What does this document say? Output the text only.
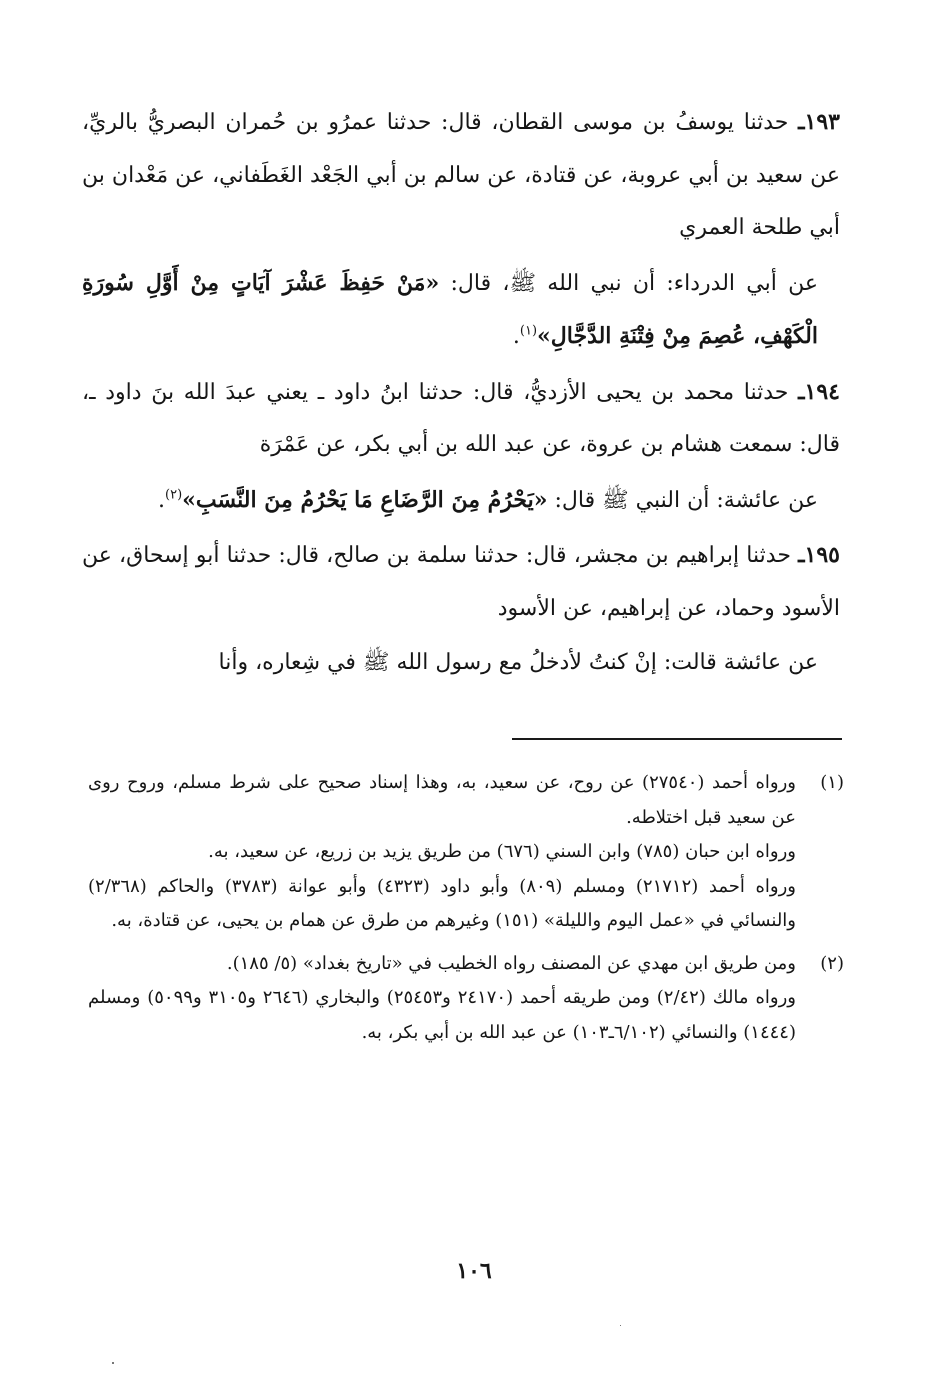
١٩٣ـ حدثنا يوسفُ بن موسى القطان، قال: حدثنا عمرُو بن حُمران البصريُّ بالريِّ، عن سعيد بن أبي عروبة، عن قتادة، عن سالم بن أبي الجَعْد الغَطَفاني، عن مَعْدان بن أبي طلحة العمري

عن أبي الدرداء: أن نبي الله ﷺ، قال: «مَنْ حَفِظَ عَشْرَ آيَاتٍ مِنْ أَوَّلِ سُورَةِ الْكَهْفِ، عُصِمَ مِنْ فِتْنَةِ الدَّجَّالِ»$^{(١)}$.

١٩٤ـ حدثنا محمد بن يحيى الأزديُّ، قال: حدثنا ابنُ داود ـ يعني عبدَ الله بنَ داود ـ، قال: سمعت هشام بن عروة، عن عبد الله بن أبي بكر، عن عَمْرَة

عن عائشة: أن النبي ﷺ قال: «يَحْرُمُ مِنَ الرَّضَاعِ مَا يَحْرُمُ مِنَ النَّسَبِ»$^{(٢)}$.

١٩٥ـ حدثنا إبراهيم بن مجشر، قال: حدثنا سلمة بن صالح، قال: حدثنا أبو إسحاق، عن الأسود وحماد، عن إبراهيم، عن الأسود

عن عائشة قالت: إنْ كنتُ لأدخلُ مع رسول الله ﷺ في شِعاره، وأنا

(١)

ورواه أحمد (٢٧٥٤٠) عن روح، عن سعيد، به، وهذا إسناد صحيح على شرط مسلم، وروح روى عن سعيد قبل اختلاطه.

ورواه ابن حبان (٧٨٥) وابن السني (٦٧٦) من طريق يزيد بن زريع، عن سعيد، به.

ورواه أحمد (٢١٧١٢) ومسلم (٨٠٩) وأبو داود (٤٣٢٣) وأبو عوانة (٣٧٨٣) والحاكم (٢/٣٦٨) والنسائي في «عمل اليوم والليلة» (١٥١) وغيرهم من طرق عن همام بن يحيى، عن قتادة، به.

(٢)

ومن طريق ابن مهدي عن المصنف رواه الخطيب في «تاريخ بغداد» (٥/ ١٨٥).

ورواه مالك (٢/٤٢) ومن طريقه أحمد (٢٤١٧٠ و٢٥٤٥٣) والبخاري (٢٦٤٦ و٣١٠٥ و٥٠٩٩) ومسلم (١٤٤٤) والنسائي (٦/١٠٢ـ١٠٣) عن عبد الله بن أبي بكر، به.

١٠٦
